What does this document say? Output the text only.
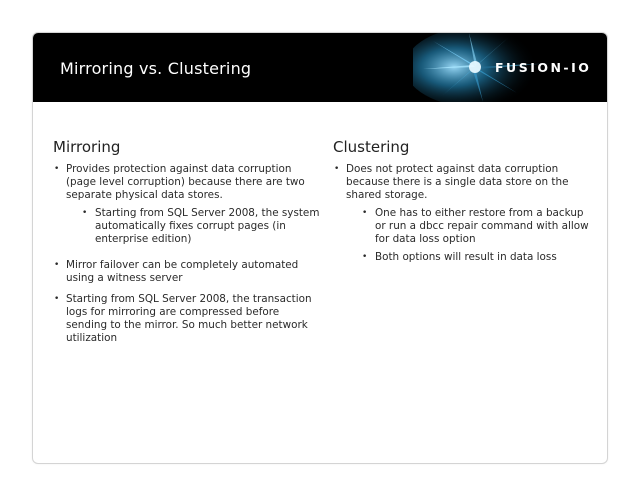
Mirroring vs. Clustering	FUSION-IO
Mirroring
• Provides protection against data corruption (page level corruption) because there are two separate physical data stores.
• Starting from SQL Server 2008, the system automatically fixes corrupt pages (in enterprise edition)
• Mirror failover can be completely automated using a witness server
• Starting from SQL Server 2008, the transaction logs for mirroring are compressed before sending to the mirror. So much better network utilization
Clustering
• Does not protect against data corruption because there is a single data store on the shared storage.
• One has to either restore from a backup or run a dbcc repair command with allow for data loss option
• Both options will result in data loss
